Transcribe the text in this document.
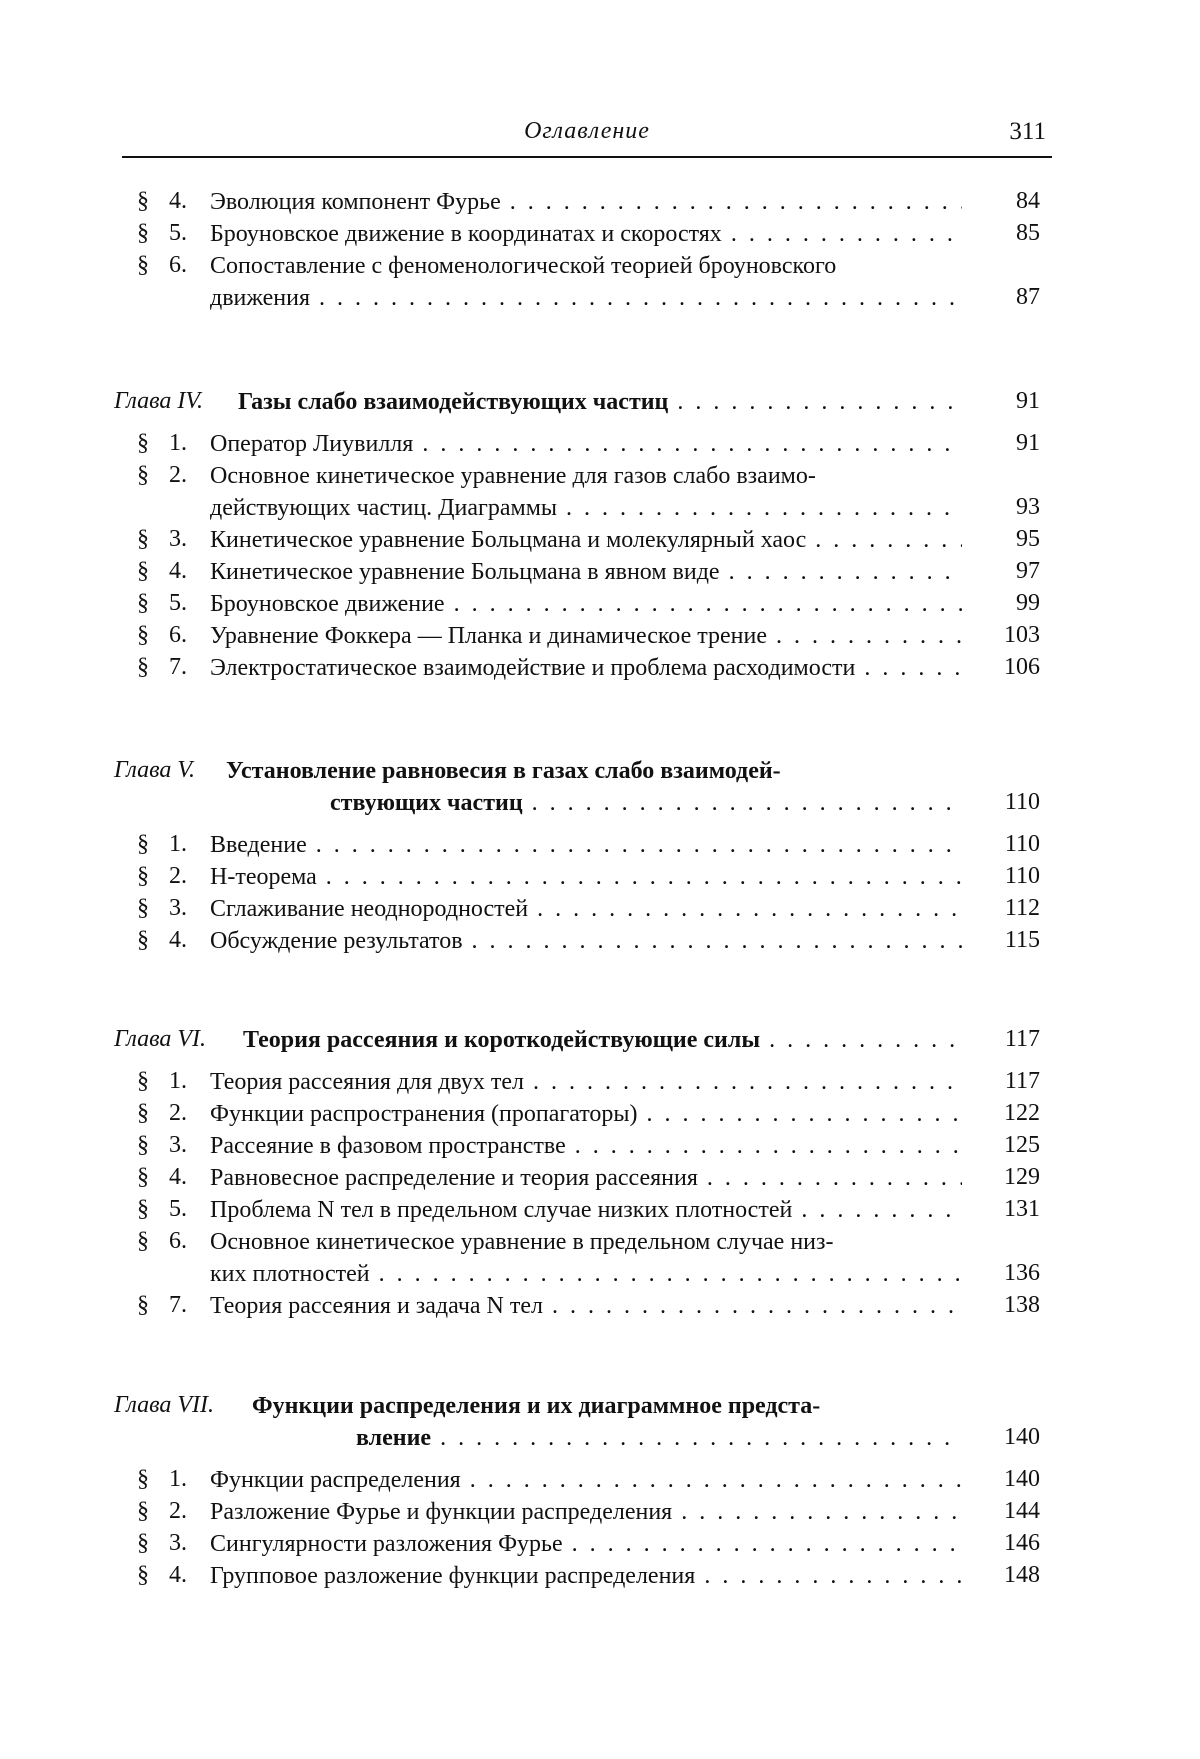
Оглавление	311
§ 4. Эволюция компонент Фурье . . .	84
§ 5. Броуновское движение в координатах и скоростях . . .	85
§ 6. Сопоставление с феноменологической теорией броуновского
движения . . .	87
Глава IV. Газы слабо взаимодействующих частиц . . .	91
§ 1. Оператор Лиувилля . . .	91
§ 2. Основное кинетическое уравнение для газов слабо взаимо-
действующих частиц. Диаграммы . . .	93
§ 3. Кинетическое уравнение Больцмана и молекулярный хаос . . .	95
§ 4. Кинетическое уравнение Больцмана в явном виде . . .	97
§ 5. Броуновское движение . . .	99
§ 6. Уравнение Фоккера — Планка и динамическое трение . . .	103
§ 7. Электростатическое взаимодействие и проблема расходимости . . .	106
Глава V. Установление равновесия в газах слабо взаимодей-
ствующих частиц . . .	110
§ 1. Введение . . .	110
§ 2. H-теорема . . .	110
§ 3. Сглаживание неоднородностей . . .	112
§ 4. Обсуждение результатов . . .	115
Глава VI. Теория рассеяния и короткодействующие силы . . .	117
§ 1. Теория рассеяния для двух тел . . .	117
§ 2. Функции распространения (пропагаторы) . . .	122
§ 3. Рассеяние в фазовом пространстве . . .	125
§ 4. Равновесное распределение и теория рассеяния . . .	129
§ 5. Проблема N тел в предельном случае низких плотностей . . .	131
§ 6. Основное кинетическое уравнение в предельном случае низ-
ких плотностей . . .	136
§ 7. Теория рассеяния и задача N тел . . .	138
Глава VII. Функции распределения и их диаграммное предста-
вление . . .	140
§ 1. Функции распределения . . .	140
§ 2. Разложение Фурье и функции распределения . . .	144
§ 3. Сингулярности разложения Фурье . . .	146
§ 4. Групповое разложение функции распределения . . .	148
